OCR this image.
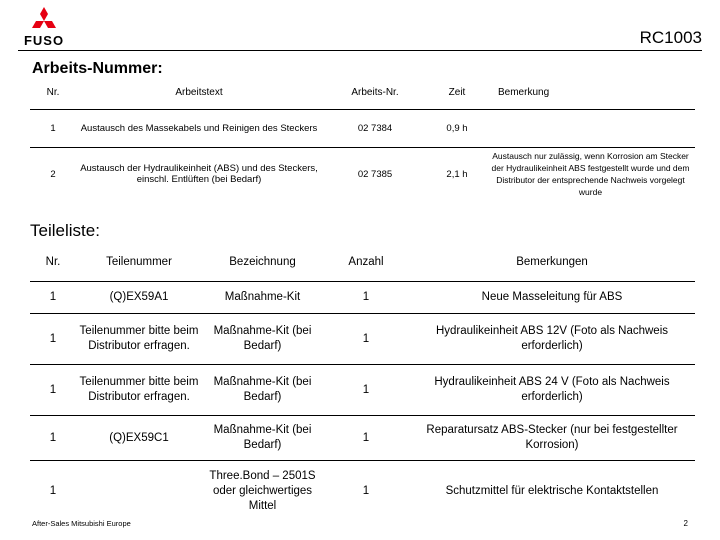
FUSO	RC1003
Arbeits-Nummer:
Nr.	Arbeitstext	Arbeits-Nr.	Zeit	Bemerkung
1	Austausch des Massekabels und Reinigen des Steckers	02 7384	0,9 h	
2	Austausch der Hydraulikeinheit (ABS) und des Steckers, einschl. Entlüften (bei Bedarf)	02 7385	2,1 h	Austausch nur zulässig, wenn Korrosion am Stecker der Hydraulikeinheit ABS festgestellt wurde und dem Distributor der entsprechende Nachweis vorgelegt wurde
Teileliste:
Nr.	Teilenummer	Bezeichnung	Anzahl	Bemerkungen
1	(Q)EX59A1	Maßnahme-Kit	1	Neue Masseleitung für ABS
1	Teilenummer bitte beim Distributor erfragen.	Maßnahme-Kit (bei Bedarf)	1	Hydraulikeinheit ABS 12V (Foto als Nachweis erforderlich)
1	Teilenummer bitte beim Distributor erfragen.	Maßnahme-Kit (bei Bedarf)	1	Hydraulikeinheit ABS 24 V (Foto als Nachweis erforderlich)
1	(Q)EX59C1	Maßnahme-Kit (bei Bedarf)	1	Reparatursatz ABS-Stecker (nur bei festgestellter Korrosion)
1		Three.Bond – 2501S oder gleichwertiges Mittel	1	Schutzmittel für elektrische Kontaktstellen
After-Sales Mitsubishi Europe	2
